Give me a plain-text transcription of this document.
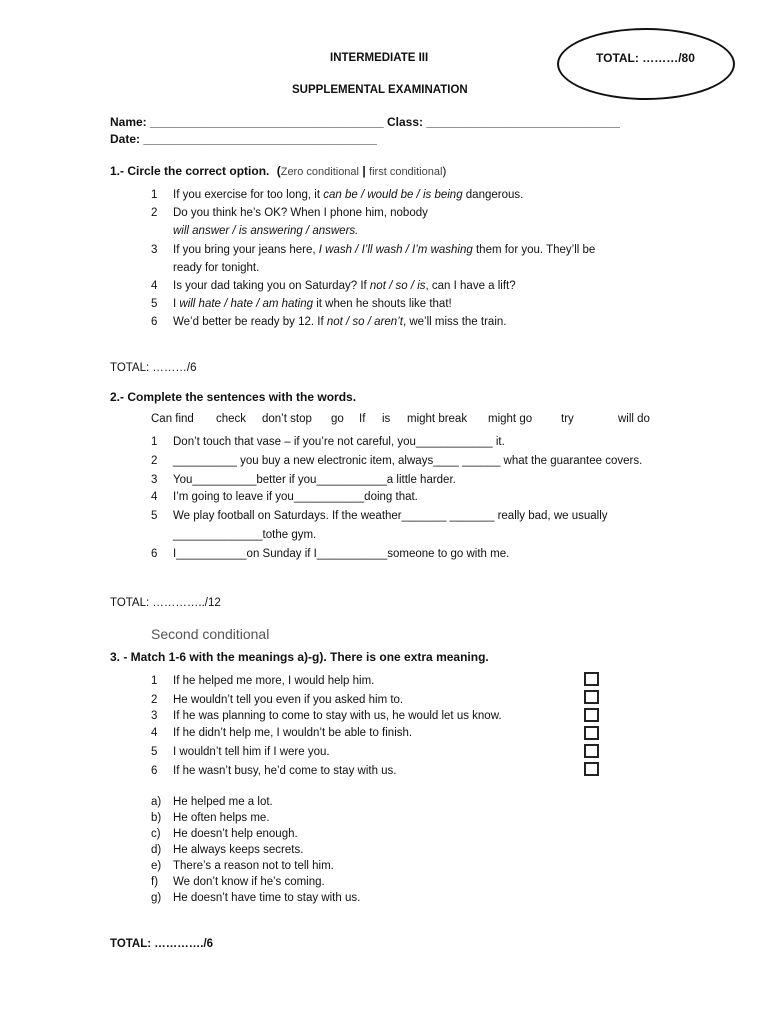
INTERMEDIATE III	TOTAL: ………/80
SUPPLEMENTAL EXAMINATION
Name: ___________________________________ Class: _____________________________
Date: ___________________________________
1.- Circle the correct option. (Zero conditional | first conditional)
1	If you exercise for too long, it can be / would be / is being dangerous.
2	Do you think he’s OK? When I phone him, nobody
will answer / is answering / answers.
3	If you bring your jeans here, I wash / I’ll wash / I’m washing them for you. They’ll be
ready for tonight.
4	Is your dad taking you on Saturday? If not / so / is, can I have a lift?
5	I will hate / hate / am hating it when he shouts like that!
6	We’d better be ready by 12. If not / so / aren’t, we’ll miss the train.
TOTAL: ………/6
2.- Complete the sentences with the words.
Can find check don’t stop go If is might break might go	try	will do
1	Don’t touch that vase – if you’re not careful, you____________ it.
2	__________ you buy a new electronic item, always____ ______ what the guarantee covers.
3	You__________better if you___________a little harder.
4	I’m going to leave if you___________doing that.
5	We play football on Saturdays. If the weather_______ _______ really bad, we usually
______________tothe gym.
6	I___________on Sunday if I___________someone to go with me.
TOTAL: …………../12
Second conditional
3. - Match 1-6 with the meanings a)-g). There is one extra meaning.
1	If he helped me more, I would help him.
2	He wouldn’t tell you even if you asked him to.
3	If he was planning to come to stay with us, he would let us know.
4	If he didn’t help me, I wouldn’t be able to finish.
5	I wouldn’t tell him if I were you.
6	If he wasn’t busy, he’d come to stay with us.
a) He helped me a lot.
b) He often helps me.
c) He doesn’t help enough.
d) He always keeps secrets.
e) There’s a reason not to tell him.
f) We don’t know if he’s coming.
g) He doesn’t have time to stay with us.
TOTAL: …………./6
